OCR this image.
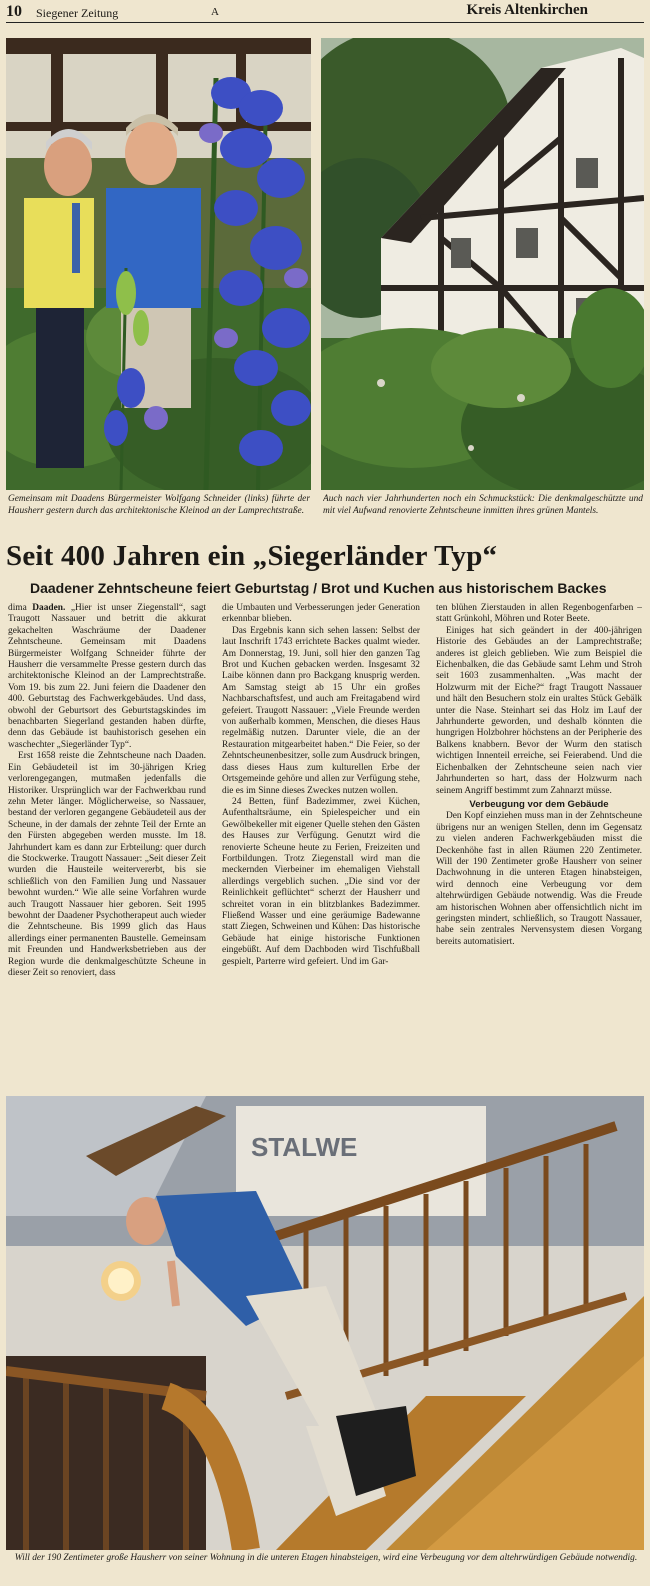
10 Siegener Zeitung	A	Kreis Altenkirchen
Gemeinsam mit Daadens Bürgermeister Wolfgang Schneider (links) führte der Hausherr gestern durch das architektonische Kleinod an der Lamprechtstraße.
Auch nach vier Jahrhunderten noch ein Schmuckstück: Die denkmalgeschützte und mit viel Aufwand renovierte Zehntscheune inmitten ihres grünen Mantels.
Seit 400 Jahren ein „Siegerländer Typ“
Daadener Zehntscheune feiert Geburtstag / Brot und Kuchen aus historischem Backes

dima Daaden. „Hier ist unser Ziegenstall“, sagt Traugott Nassauer und betritt die akkurat gekachelten Waschräume der Daadener Zehntscheune. Gemeinsam mit Daadens Bürgermeister Wolfgang Schneider führte der Hausherr die versammelte Presse gestern durch das architektonische Kleinod an der Lamprechtstraße. Vom 19. bis zum 22. Juni feiern die Daadener den 400. Geburtstag des Fachwerkgebäudes. Und dass, obwohl der Geburtsort des Geburtstagskindes im benachbarten Siegerland gestanden haben dürfte, denn das Gebäude ist bauhistorisch gesehen ein waschechter „Siegerländer Typ“.

Erst 1658 reiste die Zehntscheune nach Daaden. Ein Gebäudeteil ist im 30-jährigen Krieg verlorengegangen, mutmaßen jedenfalls die Historiker. Ursprünglich war der Fachwerkbau rund zehn Meter länger. Möglicherweise, so Nassauer, bestand der verloren gegangene Gebäudeteil aus der Scheune, in der damals der zehnte Teil der Ernte an den Fürsten abgegeben werden musste. Im 18. Jahrhundert kam es dann zur Erbteilung: quer durch die Stockwerke. Traugott Nassauer: „Seit dieser Zeit wurden die Hausteile weitervererbt, bis sie schließlich von den Familien Jung und Nassauer bewohnt wurden.“ Wie alle seine Vorfahren wurde auch Traugott Nassauer hier geboren. Seit 1995 bewohnt der Daadener Psychotherapeut auch wieder die Zehntscheune. Bis 1999 glich das Haus allerdings einer permanenten Baustelle. Gemeinsam mit Freunden und Handwerksbetrieben aus der Region wurde die denkmalgeschützte Scheune in dieser Zeit so renoviert, dass

die Umbauten und Verbesserungen jeder Generation erkennbar blieben.

Das Ergebnis kann sich sehen lassen: Selbst der laut Inschrift 1743 errichtete Backes qualmt wieder. Am Donnerstag, 19. Juni, soll hier den ganzen Tag Brot und Kuchen gebacken werden. Insgesamt 32 Laibe können dann pro Backgang knusprig werden. Am Samstag steigt ab 15 Uhr ein großes Nachbarschaftsfest, und auch am Freitagabend wird gefeiert. Traugott Nassauer: „Viele Freunde werden von außerhalb kommen, Menschen, die dieses Haus regelmäßig nutzen. Darunter viele, die an der Restauration mitgearbeitet haben.“ Die Feier, so der Zehntscheunenbesitzer, solle zum Ausdruck bringen, dass dieses Haus zum kulturellen Erbe der Ortsgemeinde gehöre und allen zur Verfügung stehe, die es im Sinne dieses Zweckes nutzen wollen.

24 Betten, fünf Badezimmer, zwei Küchen, Aufenthaltsräume, ein Spielespeicher und ein Gewölbekeller mit eigener Quelle stehen den Gästen des Hauses zur Verfügung. Genutzt wird die renovierte Scheune heute zu Ferien, Freizeiten und Fortbildungen. Trotz Ziegenstall wird man die meckernden Vierbeiner im ehemaligen Viehstall allerdings vergeblich suchen. „Die sind vor der Reinlichkeit geflüchtet“ scherzt der Hausherr und schreitet voran in ein blitzblankes Badezimmer. Fließend Wasser und eine geräumige Badewanne statt Ziegen, Schweinen und Kühen: Das historische Gebäude hat einige historische Funktionen eingebüßt. Auf dem Dachboden wird Tischfußball gespielt, Parterre wird gefeiert. Und im Gar-

ten blühen Zierstauden in allen Regenbogenfarben – statt Grünkohl, Möhren und Roter Beete.

Einiges hat sich geändert in der 400-jährigen Historie des Gebäudes an der Lamprechtstraße; anderes ist gleich geblieben. Wie zum Beispiel die Eichenbalken, die das Gebäude samt Lehm und Stroh seit 1603 zusammenhalten. „Was macht der Holzwurm mit der Eiche?“ fragt Traugott Nassauer und hält den Besuchern stolz ein uraltes Stück Gebälk unter die Nase. Steinhart sei das Holz im Lauf der Jahrhunderte geworden, und deshalb könnten die hungrigen Holzbohrer höchstens an der Peripherie des Balkens knabbern. Bevor der Wurm den statisch wichtigen Innenteil erreiche, sei Feierabend. Und die Eichenbalken der Zehntscheune seien nach vier Jahrhunderten so hart, dass der Holzwurm nach seinem Angriff bestimmt zum Zahnarzt müsse.

Verbeugung vor dem Gebäude

Den Kopf einziehen muss man in der Zehntscheune übrigens nur an wenigen Stellen, denn im Gegensatz zu vielen anderen Fachwerkgebäuden misst die Deckenhöhe fast in allen Räumen 220 Zentimeter. Will der 190 Zentimeter große Hausherr von seiner Dachwohnung in die unteren Etagen hinabsteigen, wird dennoch eine Verbeugung vor dem altehrwürdigen Gebäude notwendig. Was die Freude am historischen Wohnen aber offensichtlich nicht im geringsten mindert, schließlich, so Traugott Nassauer, habe sein zentrales Nervensystem diesen Vorgang bereits automatisiert.

STALWE
Will der 190 Zentimeter große Hausherr von seiner Wohnung in die unteren Etagen hinabsteigen, wird eine Verbeugung vor dem altehrwürdigen Gebäude notwendig.
